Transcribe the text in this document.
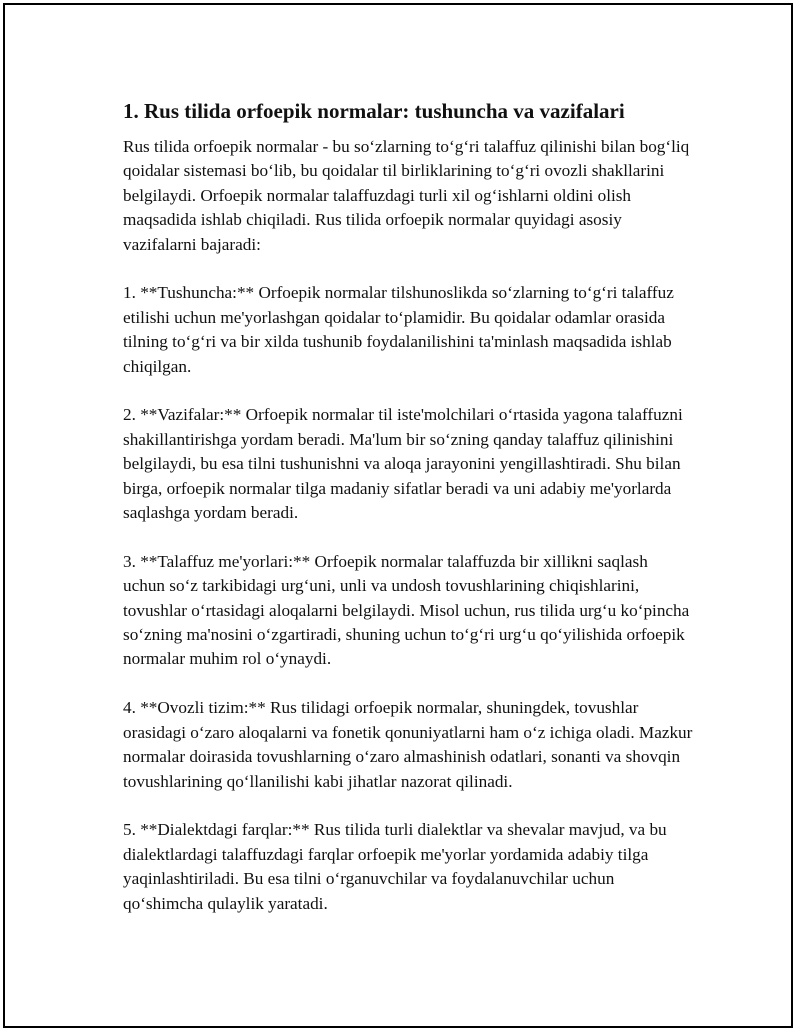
1. Rus tilida orfoepik normalar: tushuncha va vazifalari

Rus tilida orfoepik normalar - bu so‘zlarning to‘g‘ri talaffuz qilinishi bilan bog‘liq qoidalar sistemasi bo‘lib, bu qoidalar til birliklarining to‘g‘ri ovozli shakllarini belgilaydi. Orfoepik normalar talaffuzdagi turli xil og‘ishlarni oldini olish maqsadida ishlab chiqiladi. Rus tilida orfoepik normalar quyidagi asosiy vazifalarni bajaradi:

1. **Tushuncha:** Orfoepik normalar tilshunoslikda so‘zlarning to‘g‘ri talaffuz etilishi uchun me'yorlashgan qoidalar to‘plamidir. Bu qoidalar odamlar orasida tilning to‘g‘ri va bir xilda tushunib foydalanilishini ta'minlash maqsadida ishlab chiqilgan.

2. **Vazifalar:** Orfoepik normalar til iste'molchilari o‘rtasida yagona talaffuzni shakillantirishga yordam beradi. Ma'lum bir so‘zning qanday talaffuz qilinishini belgilaydi, bu esa tilni tushunishni va aloqa jarayonini yengillashtiradi. Shu bilan birga, orfoepik normalar tilga madaniy sifatlar beradi va uni adabiy me'yorlarda saqlashga yordam beradi.

3. **Talaffuz me'yorlari:** Orfoepik normalar talaffuzda bir xillikni saqlash uchun so‘z tarkibidagi urg‘uni, unli va undosh tovushlarining chiqishlarini, tovushlar o‘rtasidagi aloqalarni belgilaydi. Misol uchun, rus tilida urg‘u ko‘pincha so‘zning ma'nosini o‘zgartiradi, shuning uchun to‘g‘ri urg‘u qo‘yilishida orfoepik normalar muhim rol o‘ynaydi.

4. **Ovozli tizim:** Rus tilidagi orfoepik normalar, shuningdek, tovushlar orasidagi o‘zaro aloqalarni va fonetik qonuniyatlarni ham o‘z ichiga oladi. Mazkur normalar doirasida tovushlarning o‘zaro almashinish odatlari, sonanti va shovqin tovushlarining qo‘llanilishi kabi jihatlar nazorat qilinadi.

5. **Dialektdagi farqlar:** Rus tilida turli dialektlar va shevalar mavjud, va bu dialektlardagi talaffuzdagi farqlar orfoepik me'yorlar yordamida adabiy tilga yaqinlashtiriladi. Bu esa tilni o‘rganuvchilar va foydalanuvchilar uchun qo‘shimcha qulaylik yaratadi.
